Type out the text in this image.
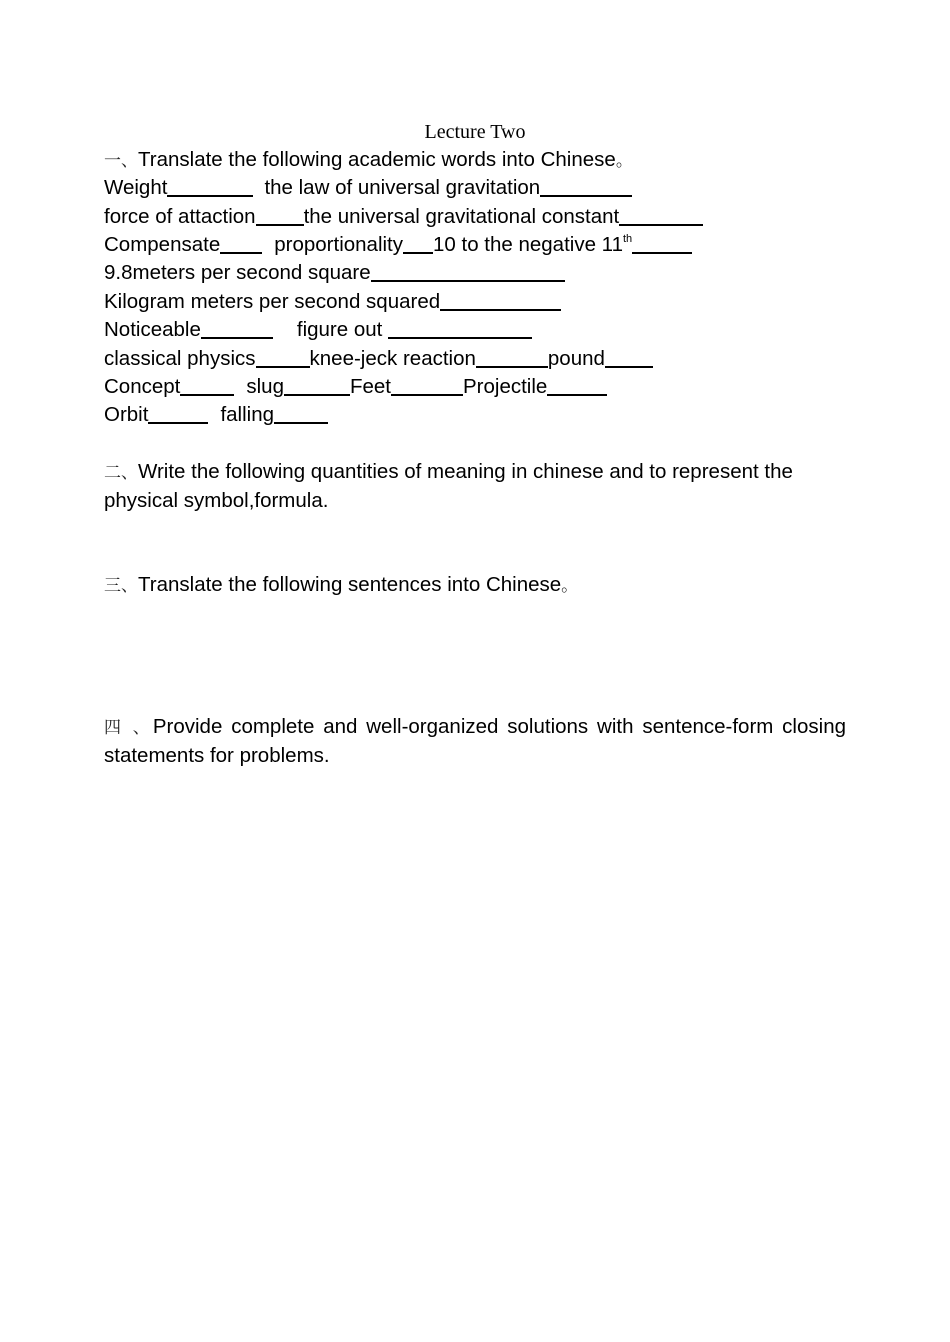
Lecture Two
一、Translate the following academic words into Chinese。
Weight	the law of universal gravitation
force of attaction the universal gravitational constant
Compensate	proportionality 10 to the negative 11th
9.8meters per second square
Kilogram meters per second squared
Noticeable	figure out
classical physics	knee-jeck reaction	pound
Concept	slug	Feet	Projectile
Orbit	falling
二、Write the following quantities of meaning in chinese and to represent the physical symbol,formula.
三、Translate the following sentences into Chinese。
四 、Provide complete and well-organized solutions with sentence-form closing statements for problems.
